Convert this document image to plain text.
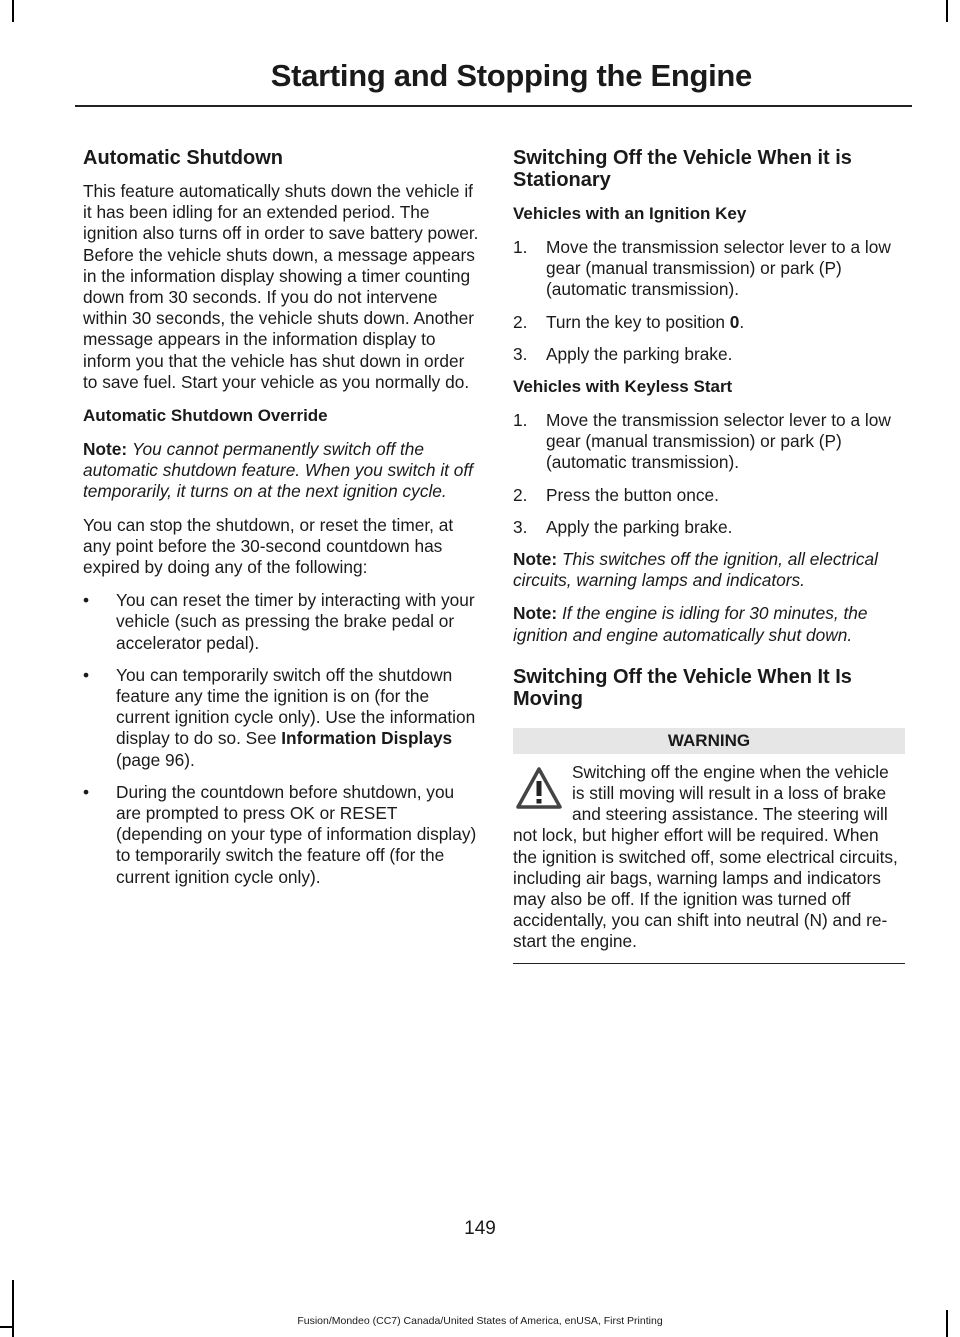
Starting and Stopping the Engine
Automatic Shutdown

This feature automatically shuts down the vehicle if it has been idling for an extended period. The ignition also turns off in order to save battery power. Before the vehicle shuts down, a message appears in the information display showing a timer counting down from 30 seconds. If you do not intervene within 30 seconds, the vehicle shuts down. Another message appears in the information display to inform you that the vehicle has shut down in order to save fuel. Start your vehicle as you normally do.

Automatic Shutdown Override

Note: You cannot permanently switch off the automatic shutdown feature. When you switch it off temporarily, it turns on at the next ignition cycle.

You can stop the shutdown, or reset the timer, at any point before the 30-second countdown has expired by doing any of the following:

• You can reset the timer by interacting with your vehicle (such as pressing the brake pedal or accelerator pedal).
• You can temporarily switch off the shutdown feature any time the ignition is on (for the current ignition cycle only). Use the information display to do so. See Information Displays (page 96).
• During the countdown before shutdown, you are prompted to press OK or RESET (depending on your type of information display) to temporarily switch the feature off (for the current ignition cycle only).
Switching Off the Vehicle When it is Stationary
Vehicles with an Ignition Key
1. Move the transmission selector lever to a low gear (manual transmission) or park (P) (automatic transmission).
2. Turn the key to position 0.
3. Apply the parking brake.
Vehicles with Keyless Start
1. Move the transmission selector lever to a low gear (manual transmission) or park (P) (automatic transmission).
2. Press the button once.
3. Apply the parking brake.

Note: This switches off the ignition, all electrical circuits, warning lamps and indicators.

Note: If the engine is idling for 30 minutes, the ignition and engine automatically shut down.

Switching Off the Vehicle When It Is Moving
WARNING
Switching off the engine when the vehicle is still moving will result in a loss of brake and steering assistance. The steering will not lock, but higher effort will be required. When the ignition is switched off, some electrical circuits, including air bags, warning lamps and indicators may also be off. If the ignition was turned off accidentally, you can shift into neutral (N) and re-start the engine.
149
Fusion/Mondeo (CC7) Canada/United States of America, enUSA, First Printing
